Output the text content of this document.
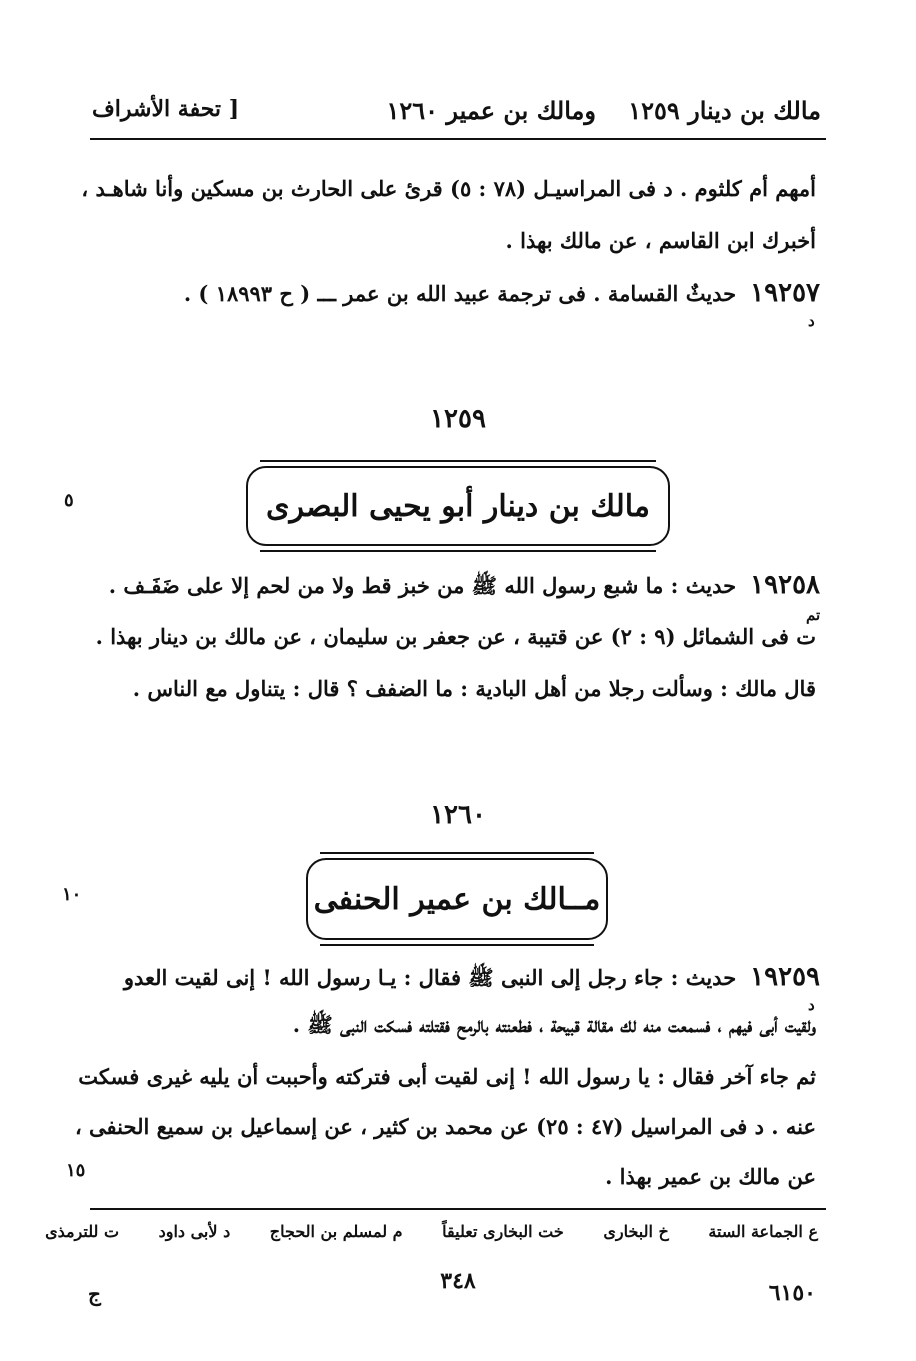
مالك بن دينار ١٢٥٩
ومالك بن عمير ١٢٦٠
[ تحفة الأشراف
أمهم أم كلثوم . د فى المراسيـل (٧٨ : ٥) قرئ على الحارث بن مسكين وأنا شاهـد ،
أخبرك ابن القاسم ، عن مالك بهذا .
١٩٢٥٧حديثٌ القسامة . فى ترجمة عبيد الله بن عمر ـــ ( ح ١٨٩٩٣ ) .
د
١٢٥٩
مالك بن دينار أبو يحيى البصرى
٥
١٩٢٥٨حديث : ما شبع رسول الله ﷺ من خبز قط ولا من لحم إلا على ضَفَـف .
تم
ت فى الشمائل (٩ : ٢) عن قتيبة ، عن جعفر بن سليمان ، عن مالك بن دينار بهذا .
قال مالك : وسألت رجلا من أهل البادية : ما الضفف ؟ قال : يتناول مع الناس .
١٢٦٠
مــالك بن عمير الحنفى
١٠
١٩٢٥٩حديث : جاء رجل إلى النبى ﷺ فقال : يـا رسول الله ! إنى لقيت العدو
د
ولقيت أبى فيهم ، فسمعت منه لك مقالة قبيحة ، فطعنته بالرمح فقتلته فسكت النبى ﷺ .
ثم جاء آخر فقال : يا رسول الله ! إنى لقيت أبى فتركته وأحببت أن يليه غيرى فسكت
عنه . د فى المراسيل (٤٧ : ٢٥) عن محمد بن كثير ، عن إسماعيل بن سميع الحنفى ،
عن مالك بن عمير بهذا .
١٥
ع الجماعة الستة خ البخارى خت البخارى تعليقاً م لمسلم بن الحجاج د لأبى داود ت للترمذى
٣٤٨	٦١٥٠
ج
